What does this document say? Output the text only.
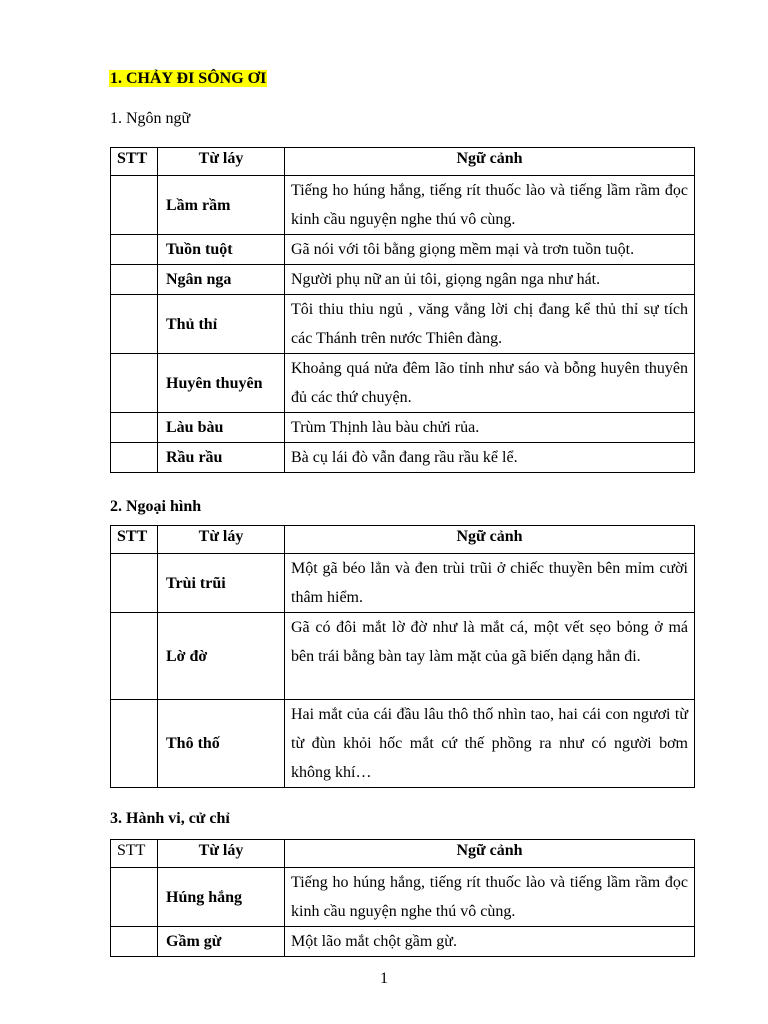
1. CHẢY ĐI SÔNG ƠI
1. Ngôn ngữ
STT	Từ láy	Ngữ cảnh
	Lầm rầm	Tiếng ho húng hắng, tiếng rít thuốc lào và tiếng lầm rầm đọc kinh cầu nguyện nghe thú vô cùng.
	Tuồn tuột	Gã nói với tôi bằng giọng mềm mại và trơn tuồn tuột.
	Ngân nga	Người phụ nữ an ủi tôi, giọng ngân nga như hát.
	Thủ thỉ	Tôi thiu thiu ngủ , văng vẳng lời chị đang kể thủ thỉ sự tích các Thánh trên nước Thiên đàng.
	Huyên thuyên	Khoảng quá nửa đêm lão tỉnh như sáo và bỗng huyên thuyên đủ các thứ chuyện.
	Làu bàu	Trùm Thịnh làu bàu chửi rủa.
	Rầu rầu	Bà cụ lái đò vẫn đang rầu rầu kể lể.
2. Ngoại hình
STT	Từ láy	Ngữ cảnh
	Trùi trũi	Một gã béo lẳn và đen trùi trũi ở chiếc thuyền bên mỉm cười thâm hiểm.
	Lờ đờ	Gã có đôi mắt lờ đờ như là mắt cá, một vết sẹo bỏng ở má bên trái bằng bàn tay làm mặt của gã biến dạng hẳn đi.
	Thô thố	Hai mắt của cái đầu lâu thô thố nhìn tao, hai cái con ngươi từ từ đùn khỏi hốc mắt cứ thế phồng ra như có người bơm không khí…
3. Hành vi, cử chỉ
STT	Từ láy	Ngữ cảnh
	Húng hắng	Tiếng ho húng hắng, tiếng rít thuốc lào và tiếng lầm rầm đọc kinh cầu nguyện nghe thú vô cùng.
	Gầm gừ	Một lão mắt chột gầm gừ.
1
